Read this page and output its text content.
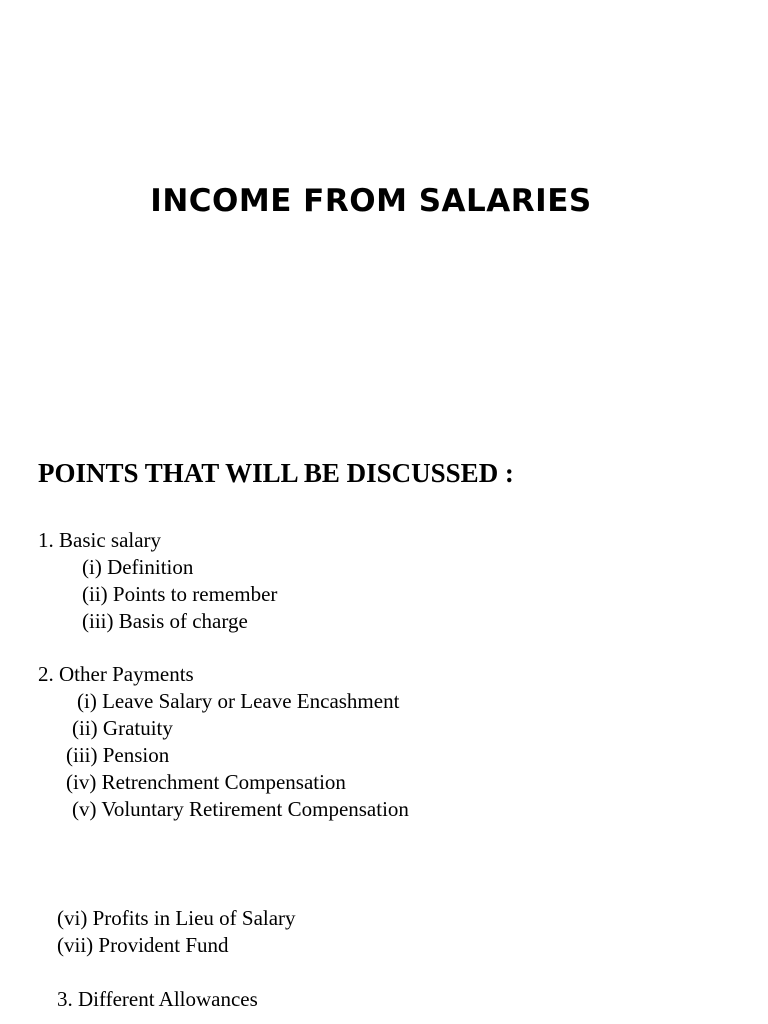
INCOME FROM SALARIES
POINTS THAT WILL BE DISCUSSED :
1. Basic salary
(i) Definition
(ii) Points to remember
(iii) Basis of charge
2. Other Payments
(i) Leave Salary or Leave Encashment
(ii) Gratuity
(iii) Pension
(iv) Retrenchment Compensation
(v) Voluntary Retirement Compensation
(vi) Profits in Lieu of Salary
(vii) Provident Fund
3. Different Allowances
